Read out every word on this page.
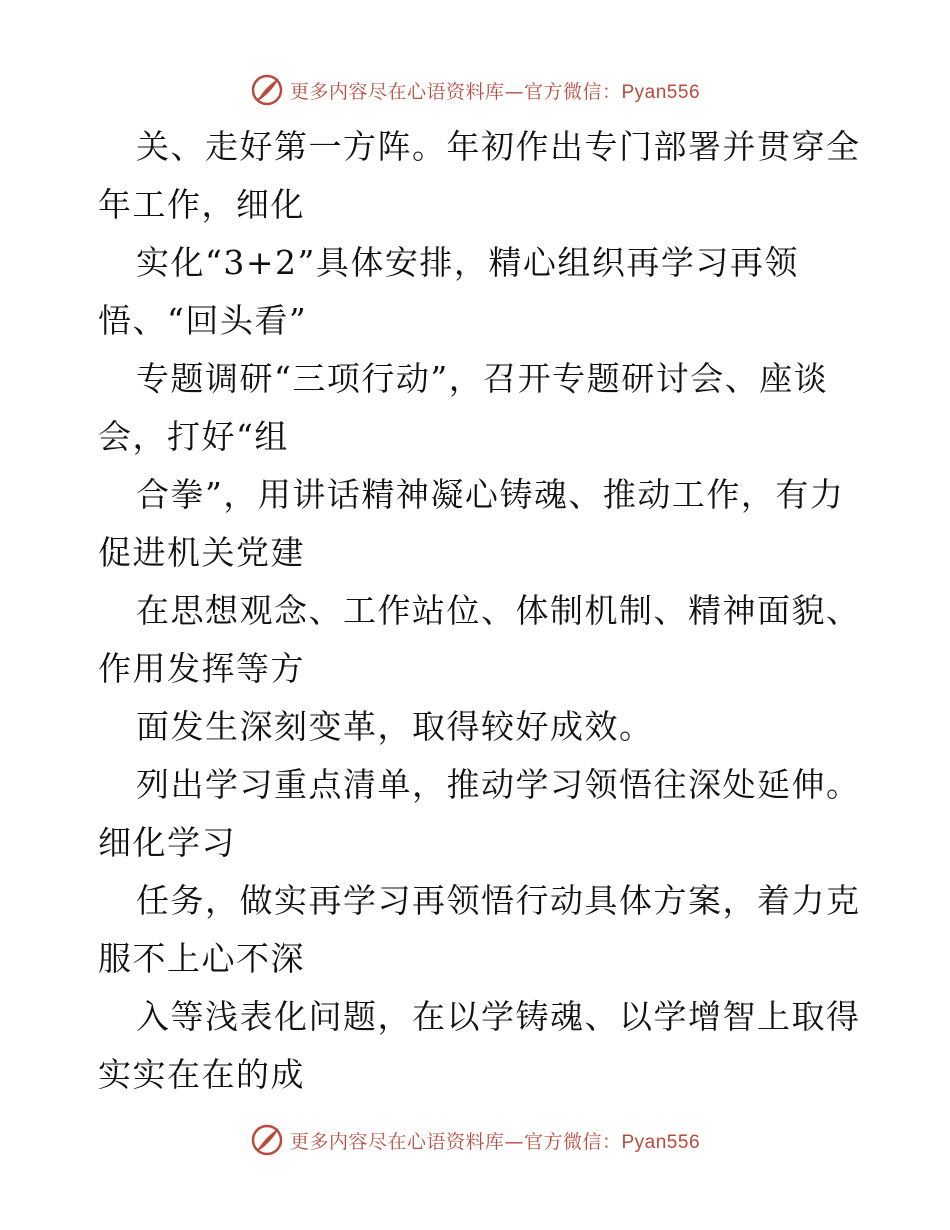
更多内容尽在心语资料库—官方微信：Pyan556
关、走好第一方阵。年初作出专门部署并贯穿全
年工作，细化
实化“3+2”具体安排，精心组织再学习再领
悟、“回头看”
专题调研“三项行动”，召开专题研讨会、座谈
会，打好“组
合拳”，用讲话精神凝心铸魂、推动工作，有力
促进机关党建
在思想观念、工作站位、体制机制、精神面貌、
作用发挥等方
面发生深刻变革，取得较好成效。
列出学习重点清单，推动学习领悟往深处延伸。
细化学习
任务，做实再学习再领悟行动具体方案，着力克
服不上心不深
入等浅表化问题，在以学铸魂、以学增智上取得
实实在在的成
更多内容尽在心语资料库—官方微信：Pyan556
